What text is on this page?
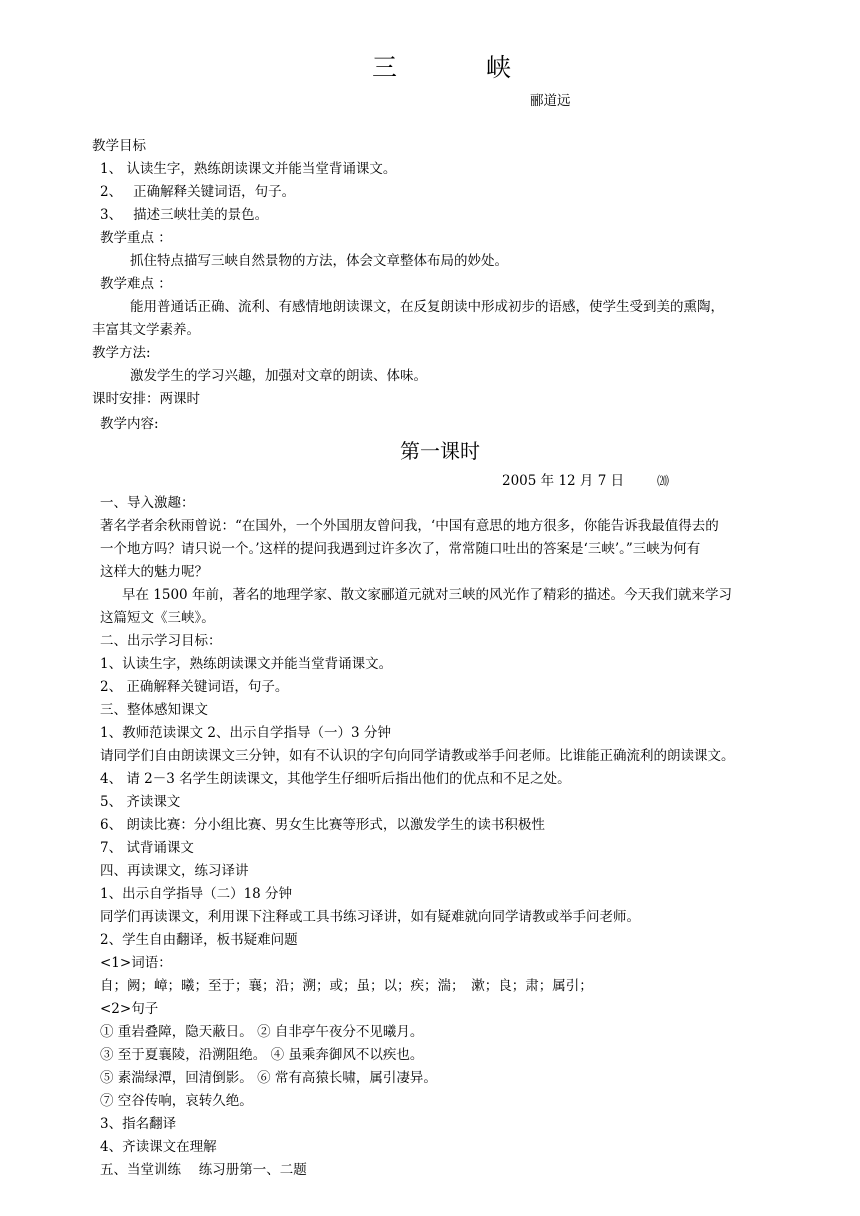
三	峡
郦道远
教学目标
1、 认读生字，熟练朗读课文并能当堂背诵课文。
2、　 正确解释关键词语，句子。
3、　 描述三峡壮美的景色。
教学重点 ：
抓住特点描写三峡自然景物的方法，体会文章整体布局的妙处。
教学难点 ：
能用普通话正确、流利、有感情地朗读课文，在反复朗读中形成初步的语感，使学生受到美的熏陶，
丰富其文学素养。
教学方法:
激发学生的学习兴趣，加强对文章的朗读、体味。
课时安排：两课时
教学内容:
第一课时
2005 年 12 月 7 日	⒇
一、导入激趣：
著名学者余秋雨曾说：“在国外，一个外国朋友曾问我，‘中国有意思的地方很多，你能告诉我最值得去的
一个地方吗？请只说一个。’这样的提问我遇到过许多次了，常常随口吐出的答案是‘三峡’。”三峡为何有
这样大的魅力呢？
早在 1500 年前，著名的地理学家、散文家郦道元就对三峡的风光作了精彩的描述。今天我们就来学习
这篇短文《三峡》。
二、出示学习目标：
1、认读生字，熟练朗读课文并能当堂背诵课文。
2、 正确解释关键词语，句子。
三、整体感知课文
1、教师范读课文 2、出示自学指导（一）3 分钟
请同学们自由朗读课文三分钟，如有不认识的字句向同学请教或举手问老师。比谁能正确流利的朗读课文。
4、 请 2－3 名学生朗读课文，其他学生仔细听后指出他们的优点和不足之处。
5、 齐读课文
6、 朗读比赛：分小组比赛、男女生比赛等形式，以激发学生的读书积极性
7、 试背诵课文
四、再读课文，练习译讲
1、出示自学指导（二）18 分钟
同学们再读课文，利用课下注释或工具书练习译讲，如有疑难就向同学请教或举手问老师。
2、学生自由翻译，板书疑难问题
<1>词语：
自；阙；嶂；曦；至于；襄；沿；溯；或；虽；以；疾；湍；　漱；良；肃；属引；
<2>句子
① 重岩叠障，隐天蔽日。 ② 自非亭午夜分不见曦月。
③ 至于夏襄陵，沿溯阻绝。 ④ 虽乘奔御风不以疾也。
⑤ 素湍绿潭，回清倒影。 ⑥ 常有高猿长啸，属引凄异。
⑦ 空谷传响，哀转久绝。
3、指名翻译
4、齐读课文在理解
五、当堂训练　 练习册第一、二题
